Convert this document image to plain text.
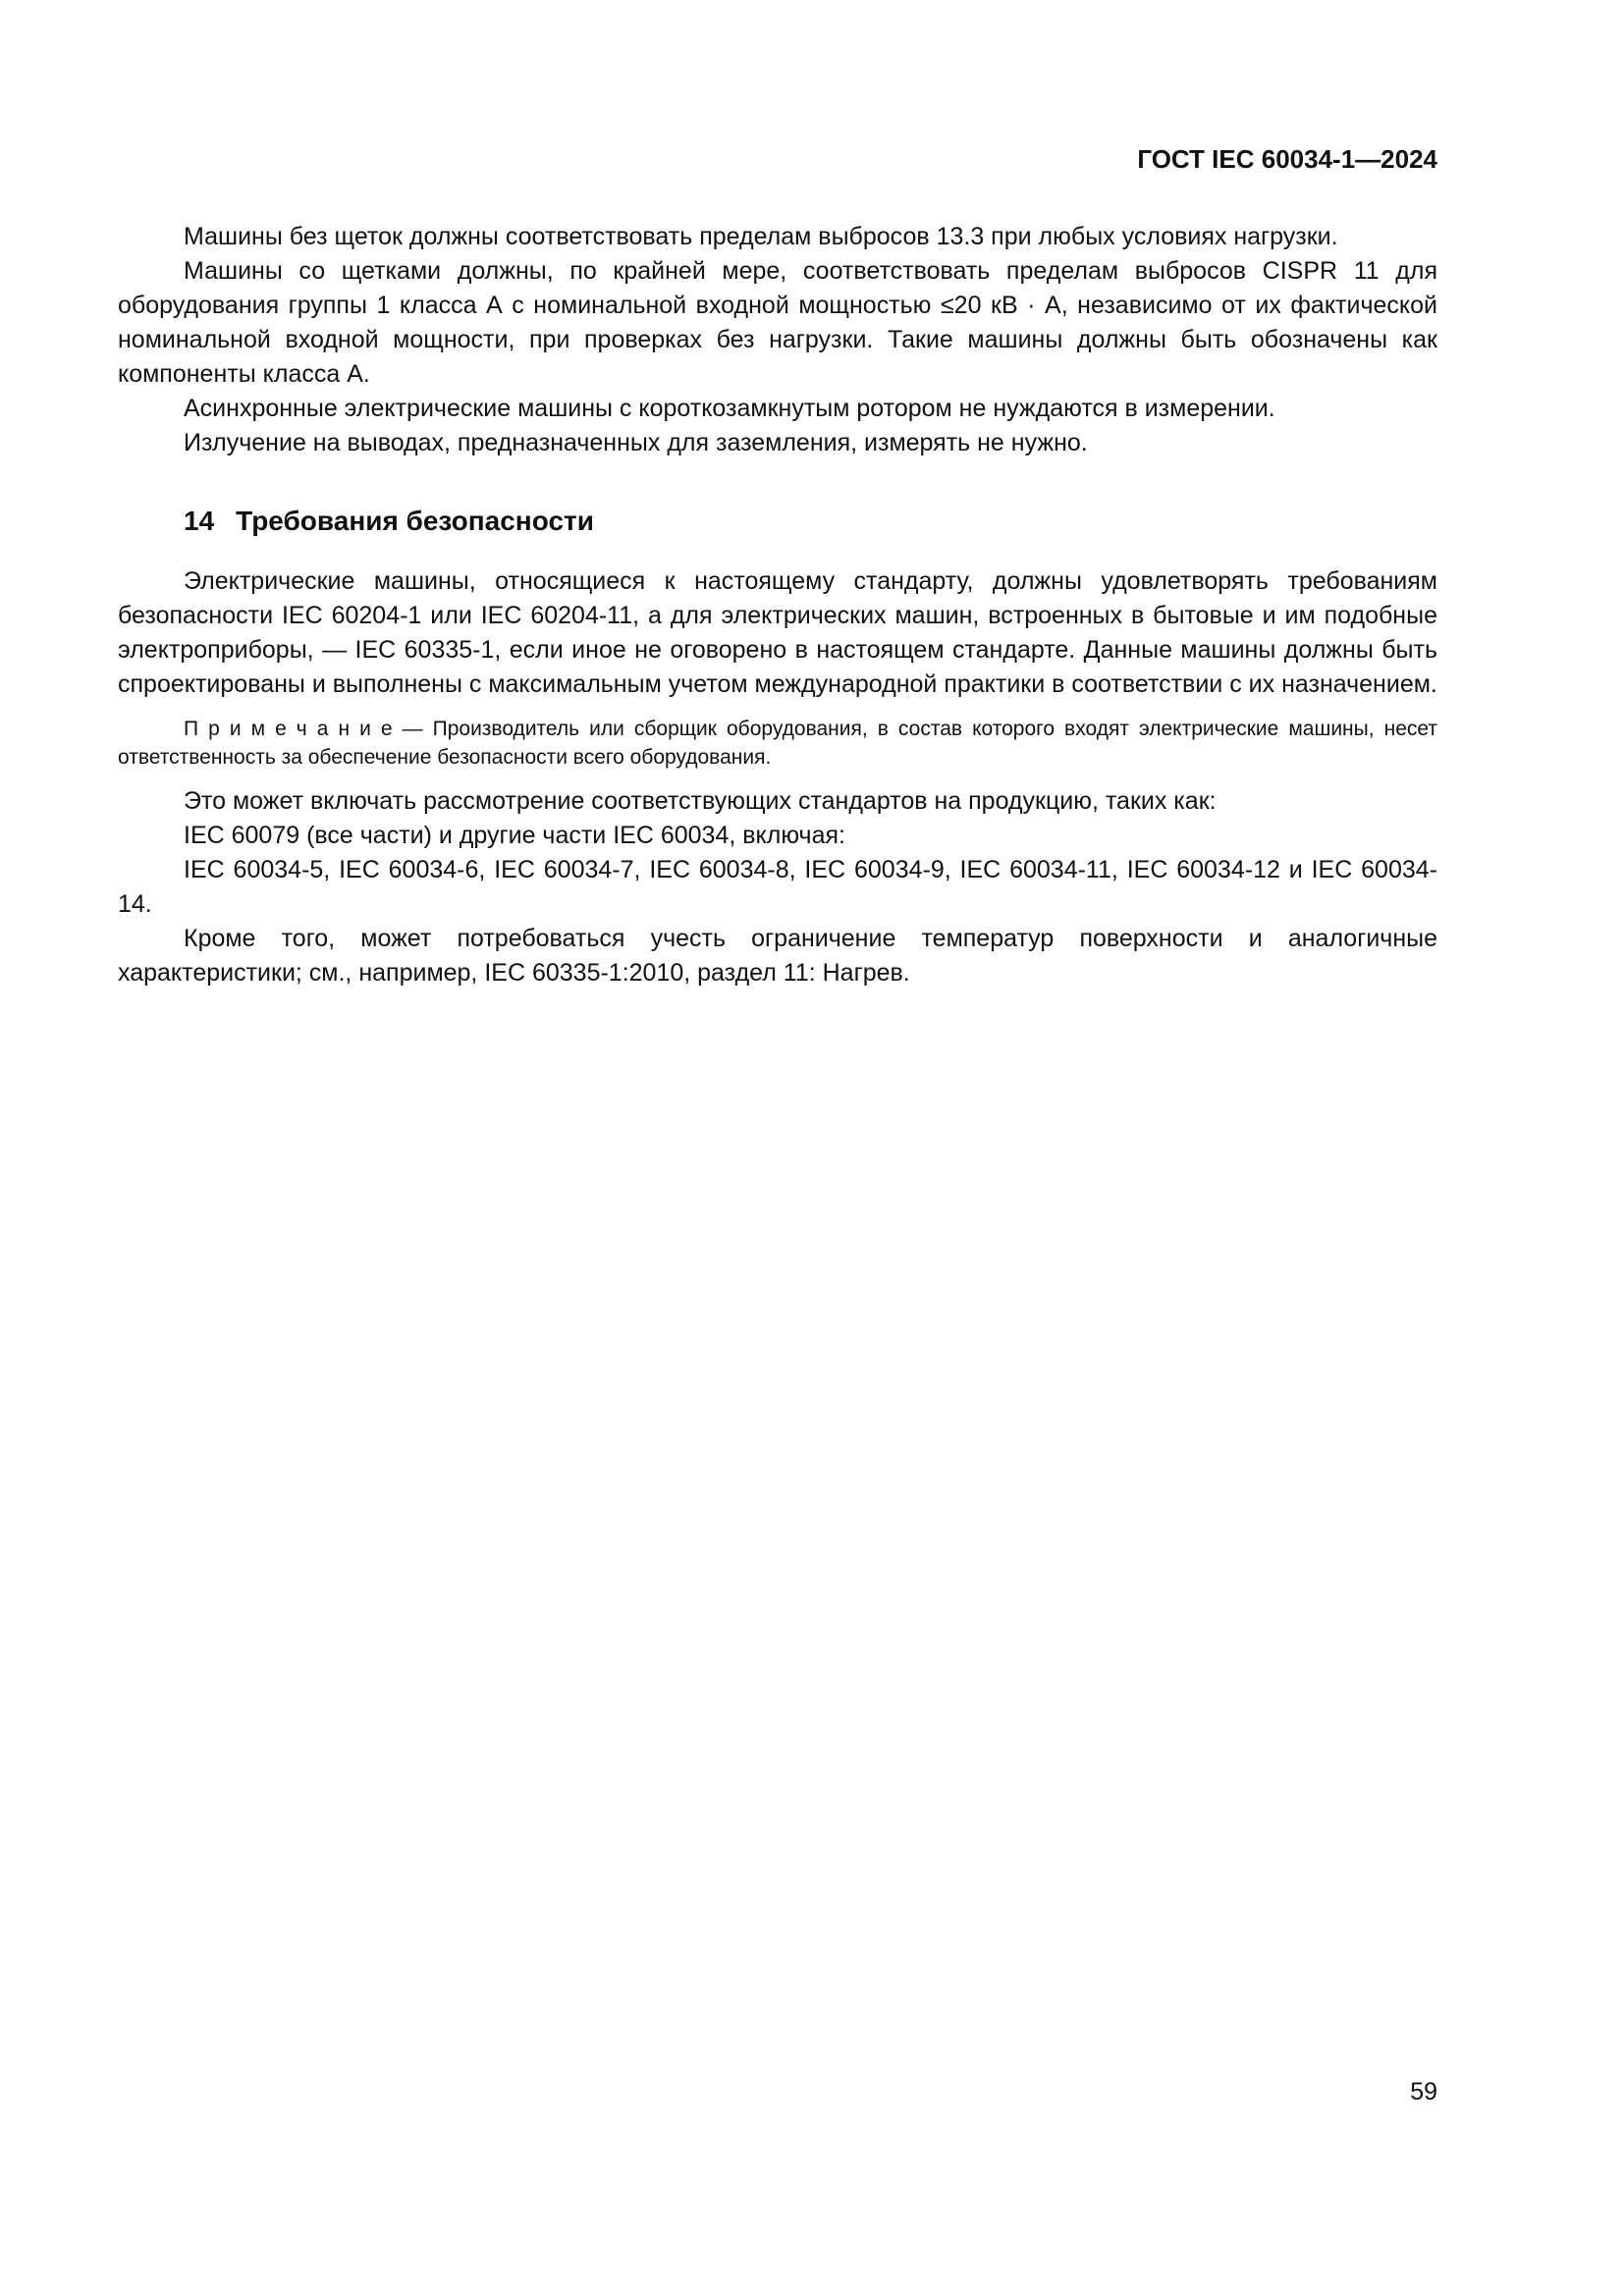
ГОСТ IEC 60034-1—2024

Машины без щеток должны соответствовать пределам выбросов 13.3 при любых условиях нагрузки.

Машины со щетками должны, по крайней мере, соответствовать пределам выбросов CISPR 11 для оборудования группы 1 класса А с номинальной входной мощностью ≤20 кВ · А, независимо от их фактической номинальной входной мощности, при проверках без нагрузки. Такие машины должны быть обозначены как компоненты класса А.

Асинхронные электрические машины с короткозамкнутым ротором не нуждаются в измерении.

Излучение на выводах, предназначенных для заземления, измерять не нужно.

14 Требования безопасности

Электрические машины, относящиеся к настоящему стандарту, должны удовлетворять требованиям безопасности IEC 60204-1 или IEC 60204-11, а для электрических машин, встроенных в бытовые и им подобные электроприборы, — IEC 60335-1, если иное не оговорено в настоящем стандарте. Данные машины должны быть спроектированы и выполнены с максимальным учетом международной практики в соответствии с их назначением.

П р и м е ч а н и е — Производитель или сборщик оборудования, в состав которого входят электрические машины, несет ответственность за обеспечение безопасности всего оборудования.

Это может включать рассмотрение соответствующих стандартов на продукцию, таких как:

IEC 60079 (все части) и другие части IEC 60034, включая:

IEC 60034-5, IEC 60034-6, IEC 60034-7, IEC 60034-8, IEC 60034-9, IEC 60034-11, IEC 60034-12 и IEC 60034-14.

Кроме того, может потребоваться учесть ограничение температур поверхности и аналогичные характеристики; см., например, IEC 60335-1:2010, раздел 11: Нагрев.

59
